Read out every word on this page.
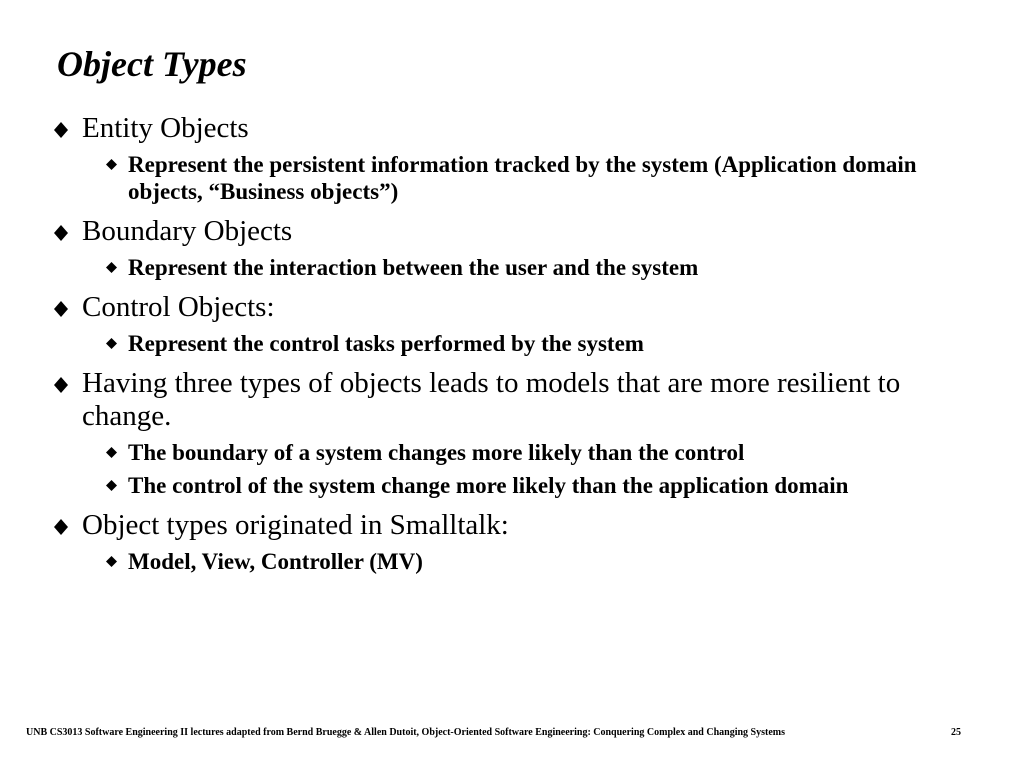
Object Types
Entity Objects
Represent the persistent information tracked by the system (Application domain objects, “Business objects”)
Boundary Objects
Represent the interaction between the user and the system
Control Objects:
Represent the control tasks performed by the system
Having three types of objects leads to models that are more resilient to change.
The boundary of a system changes more likely than the control
The control of the system change more likely than the application domain
Object types originated in Smalltalk:
Model, View, Controller (MV)
UNB CS3013 Software Engineering II lectures adapted from Bernd Bruegge & Allen Dutoit, Object-Oriented Software Engineering: Conquering Complex and Changing Systems	25
